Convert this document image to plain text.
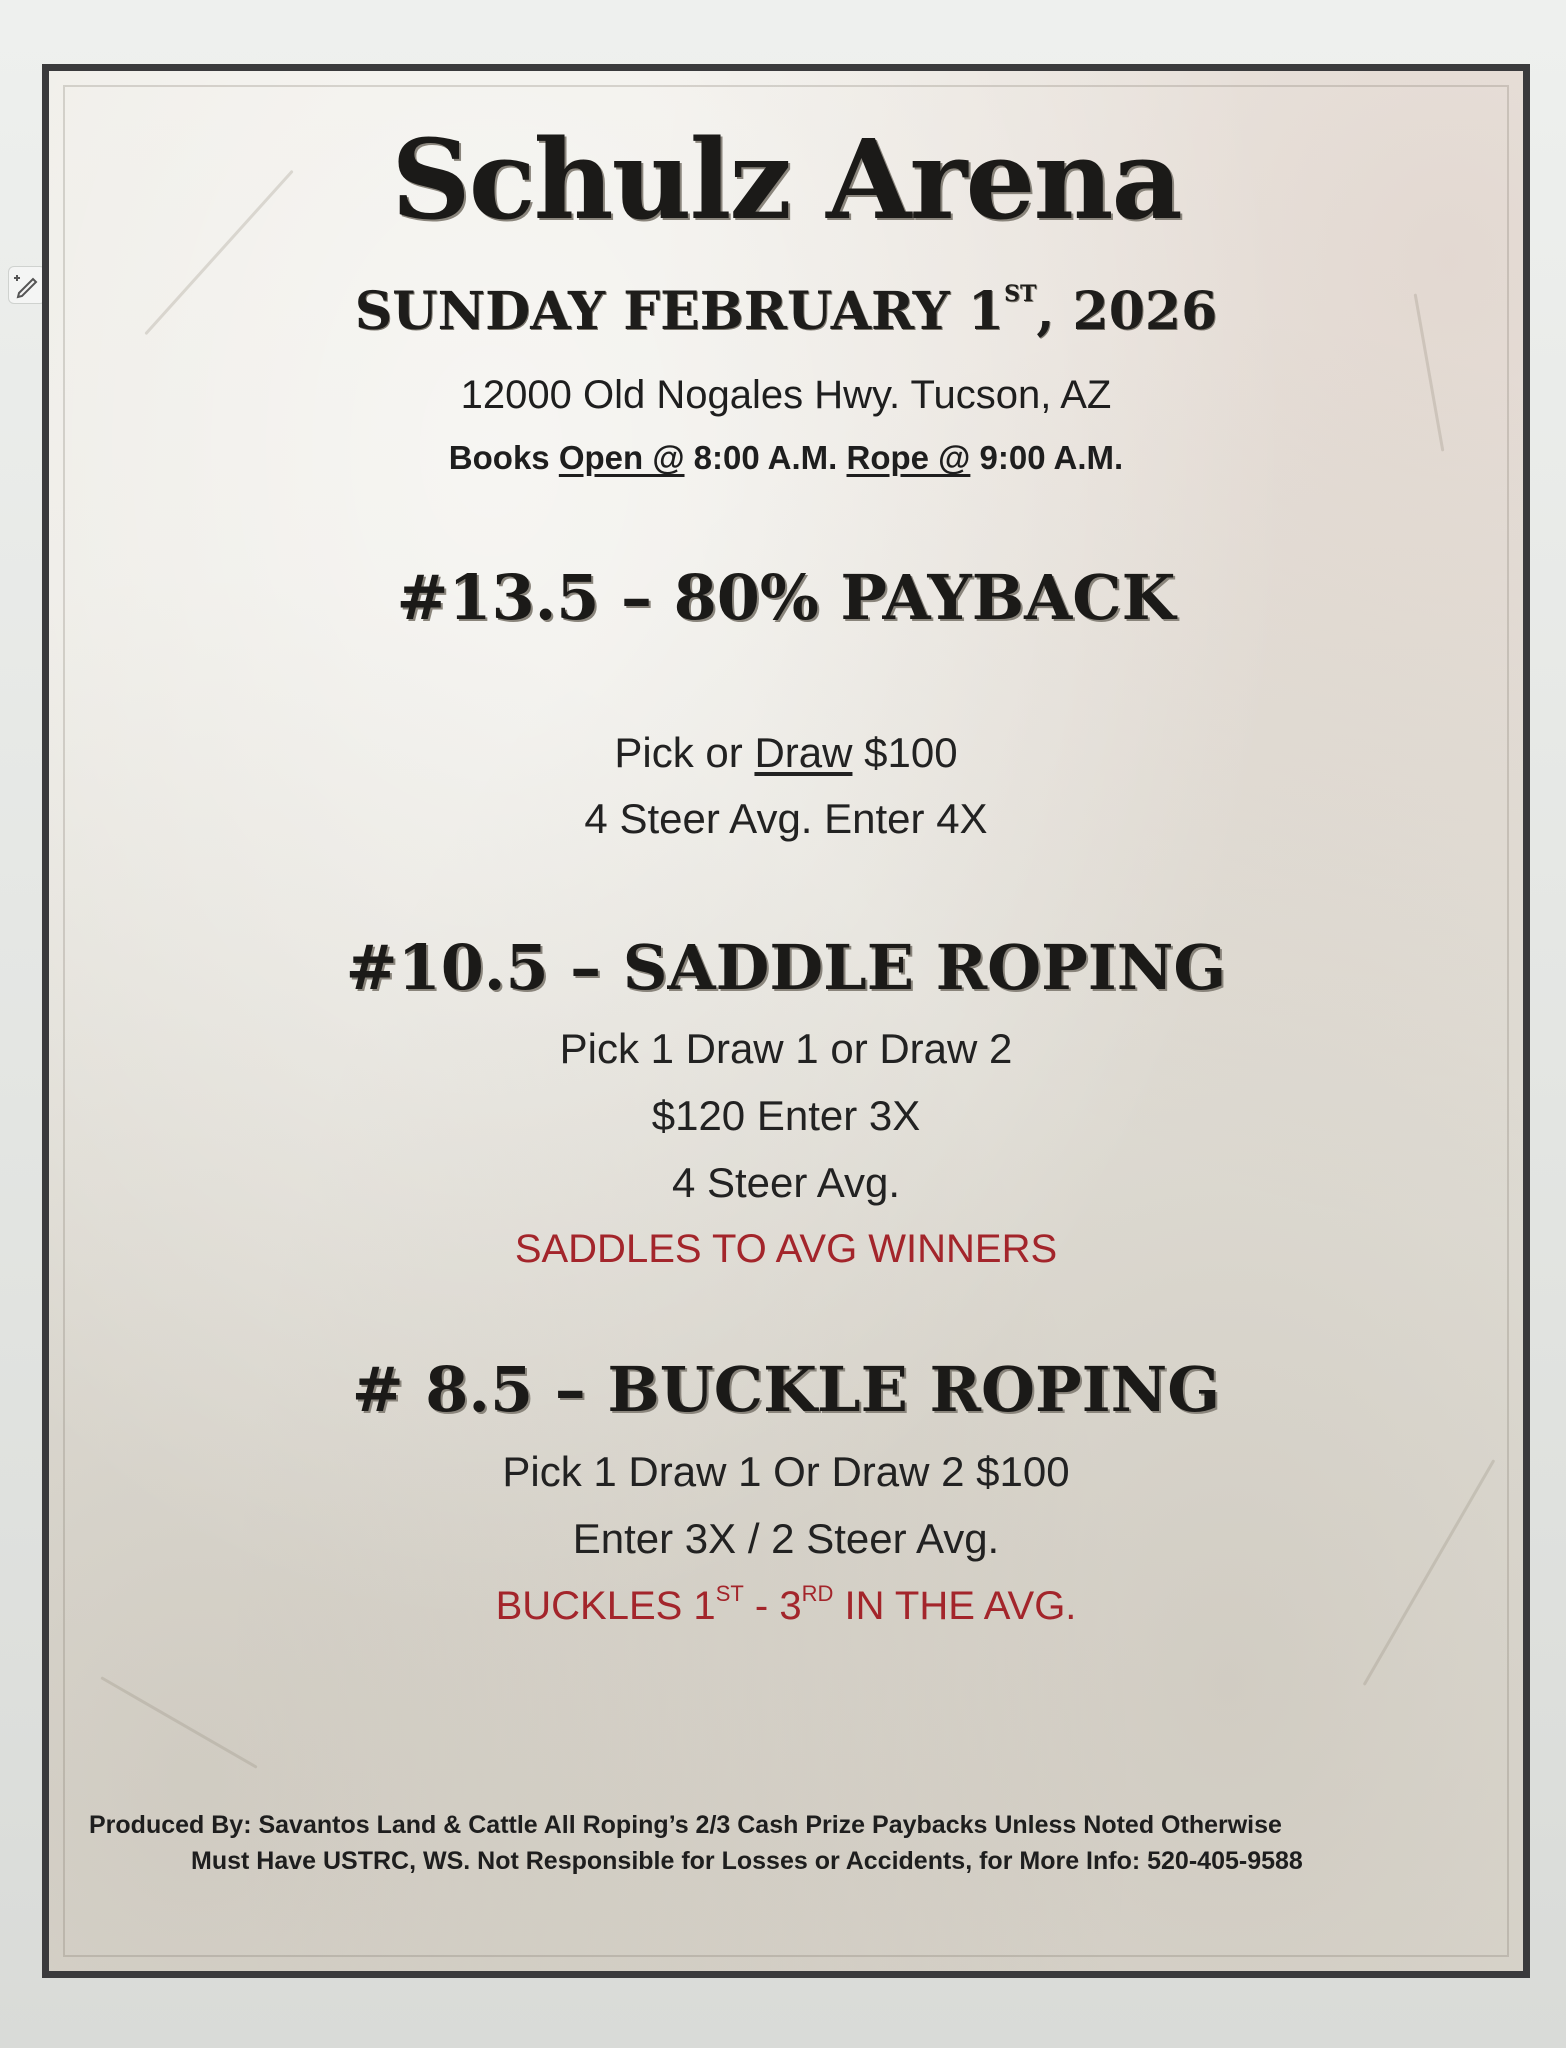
Schulz Arena
SUNDAY FEBRUARY 1ST, 2026
12000 Old Nogales Hwy. Tucson, AZ
Books Open @ 8:00 A.M. Rope @ 9:00 A.M.
#13.5 – 80% PAYBACK
Pick or Draw $100
4 Steer Avg. Enter 4X
#10.5 – SADDLE ROPING
Pick 1 Draw 1 or Draw 2
$120 Enter 3X
4 Steer Avg.
SADDLES TO AVG WINNERS
# 8.5 – BUCKLE ROPING
Pick 1 Draw 1 Or Draw 2 $100
Enter 3X / 2 Steer Avg.
BUCKLES 1ST - 3RD IN THE AVG.
Produced By: Savantos Land & Cattle All Roping’s 2/3 Cash Prize Paybacks Unless Noted Otherwise
Must Have USTRC, WS. Not Responsible for Losses or Accidents, for More Info: 520-405-9588
